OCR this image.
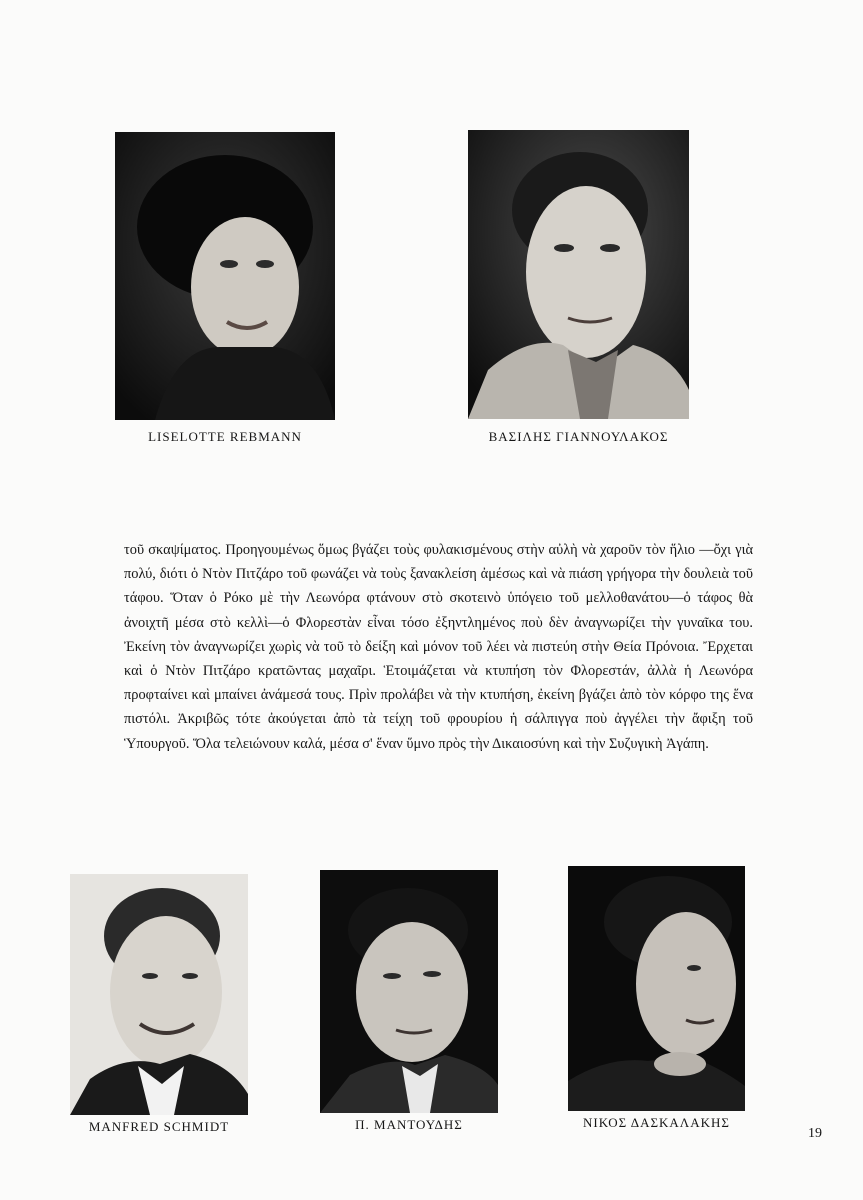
LISELOTTE REBMANN	ΒΑΣΙΛΗΣ ΓΙΑΝΝΟΥΛΑΚΟΣ

τοῦ σκαψίματος. Προηγουμένως ὅμως βγάζει τοὺς φυλακισμένους στὴν αὐλὴ νὰ χαροῦν τὸν ἥλιο —ὄχι γιὰ πολύ, διότι ὁ Ντὸν Πιτζάρο τοῦ φωνάζει νὰ τοὺς ξανακλείση ἀμέσως καὶ νὰ πιάση γρήγορα τὴν δουλειὰ τοῦ τάφου. Ὅταν ὁ Ρόκο μὲ τὴν Λεωνόρα φτάνουν στὸ σκοτεινὸ ὑπόγειο τοῦ μελλοθανάτου—ὁ τάφος θὰ ἀνοιχτῆ μέσα στὸ κελλὶ—ὁ Φλορεστὰν εἶναι τόσο ἐξηντλημένος ποὺ δὲν ἀναγνωρίζει τὴν γυναῖκα του. Ἐκείνη τὸν ἀναγνωρίζει χωρὶς νὰ τοῦ τὸ δείξη καὶ μόνον τοῦ λέει νὰ πιστεύη στὴν Θεία Πρόνοια. Ἔρχεται καὶ ὁ Ντὸν Πιτζάρο κρατῶντας μαχαῖρι. Ἑτοιμάζεται νὰ κτυπήση τὸν Φλορεστάν, ἀλλὰ ἡ Λεωνόρα προφταίνει καὶ μπαίνει ἀνάμεσά τους. Πρὶν προλάβει νὰ τὴν κτυπήση, ἐκείνη βγάζει ἀπὸ τὸν κόρφο της ἕνα πιστόλι. Ἀκριβῶς τότε ἀκούγεται ἀπὸ τὰ τείχη τοῦ φρουρίου ἡ σάλπιγγα ποὺ ἀγγέλει τὴν ἄφιξη τοῦ Ὑπουργοῦ. Ὅλα τελειώνουν καλά, μέσα σ' ἕναν ὕμνο πρὸς τὴν Δικαιοσύνη καὶ τὴν Συζυγικὴ Ἀγάπη.

MANFRED SCHMIDT	Π. ΜΑΝΤΟΥΔΗΣ	ΝΙΚΟΣ ΔΑΣΚΑΛΑΚΗΣ
19
